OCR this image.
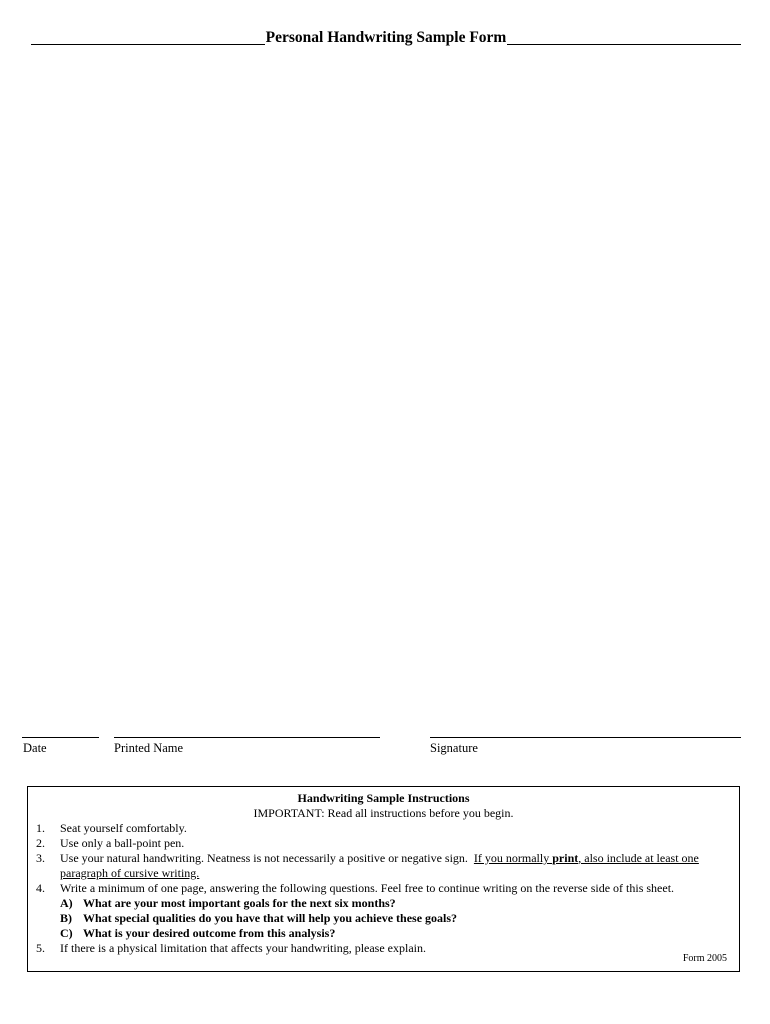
Personal Handwriting Sample Form
Date	Printed Name	Signature
Handwriting Sample Instructions
IMPORTANT: Read all instructions before you begin.
1.	Seat yourself comfortably.
2.	Use only a ball-point pen.
3.	Use your natural handwriting. Neatness is not necessarily a positive or negative sign.  If you normally print, also include at least one paragraph of cursive writing.
4.	Write a minimum of one page, answering the following questions. Feel free to continue writing on the reverse side of this sheet.
A) What are your most important goals for the next six months?
B) What special qualities do you have that will help you achieve these goals?
C) What is your desired outcome from this analysis?
5.	If there is a physical limitation that affects your handwriting, please explain.
Form 2005
